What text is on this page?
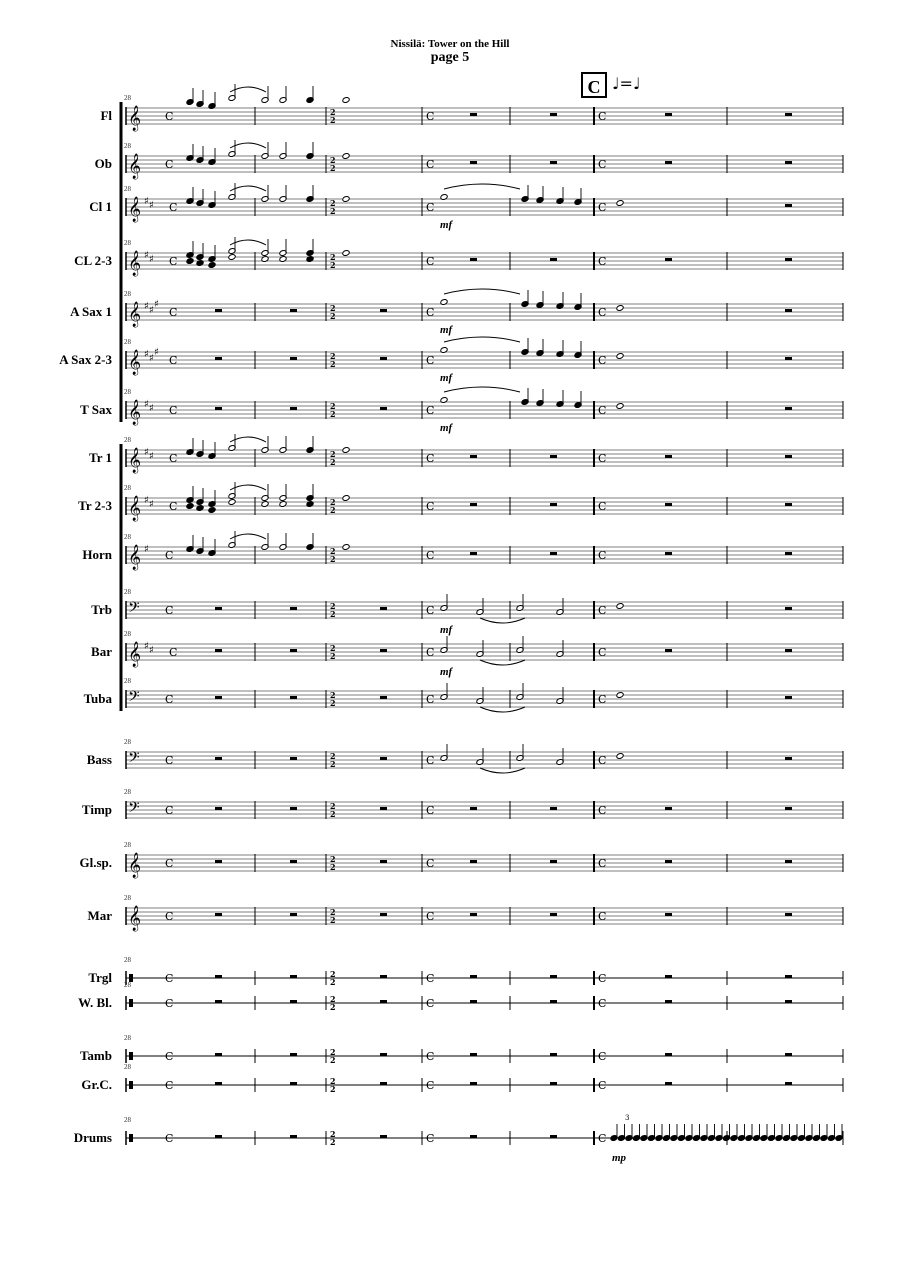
Nissilä: Tower on the Hill
page 5
C ♩=♩
𝄞 C	2
2	C	C
𝄞 C	2
2	C	C
𝄞 ♯ ♯ C	2
2	C	C
𝄞 ♯ ♯ C	2
2	C	C
𝄞 ♯ ♯
♯
C	2
2	C	C
𝄞 ♯ ♯
♯
C	2
2	C	C
𝄞 ♯ ♯ C	2
2	C	C
𝄞 ♯ ♯ C	2
2	C	C
𝄞 ♯ ♯ C	2
2	C	C
𝄞 ♯ C	2
2	C	C
𝄢 C	2
2	C	C
𝄞 ♯ ♯ C	2
2	C	C
𝄢 C	2
2	C	C
𝄢 C	2
2	C	C
𝄢 C	2
2	C	C
𝄞 C	2
2	C	C
𝄞 C	2
2	C	C
C	2
2	C	C
C	2
2	C	C
C	2
2	C	C
C	2
2	C	C
C	2
2	C	C
3
28
Fl
28
Ob
28
Cl 1
28
CL 2-3
28
A Sax 1
28
A Sax 2-3
28
T Sax
28
Tr 1
28
Tr 2-3
28
Horn
28
Trb
28
Bar
28
Tuba
28
Bass
28
Timp
28
Gl.sp.
28
Mar
28
Trgl 28
W. Bl.
28
Tamb
28
Gr.C.
28
Drums
mf
mf
mf
mf
mf
mf
mp
